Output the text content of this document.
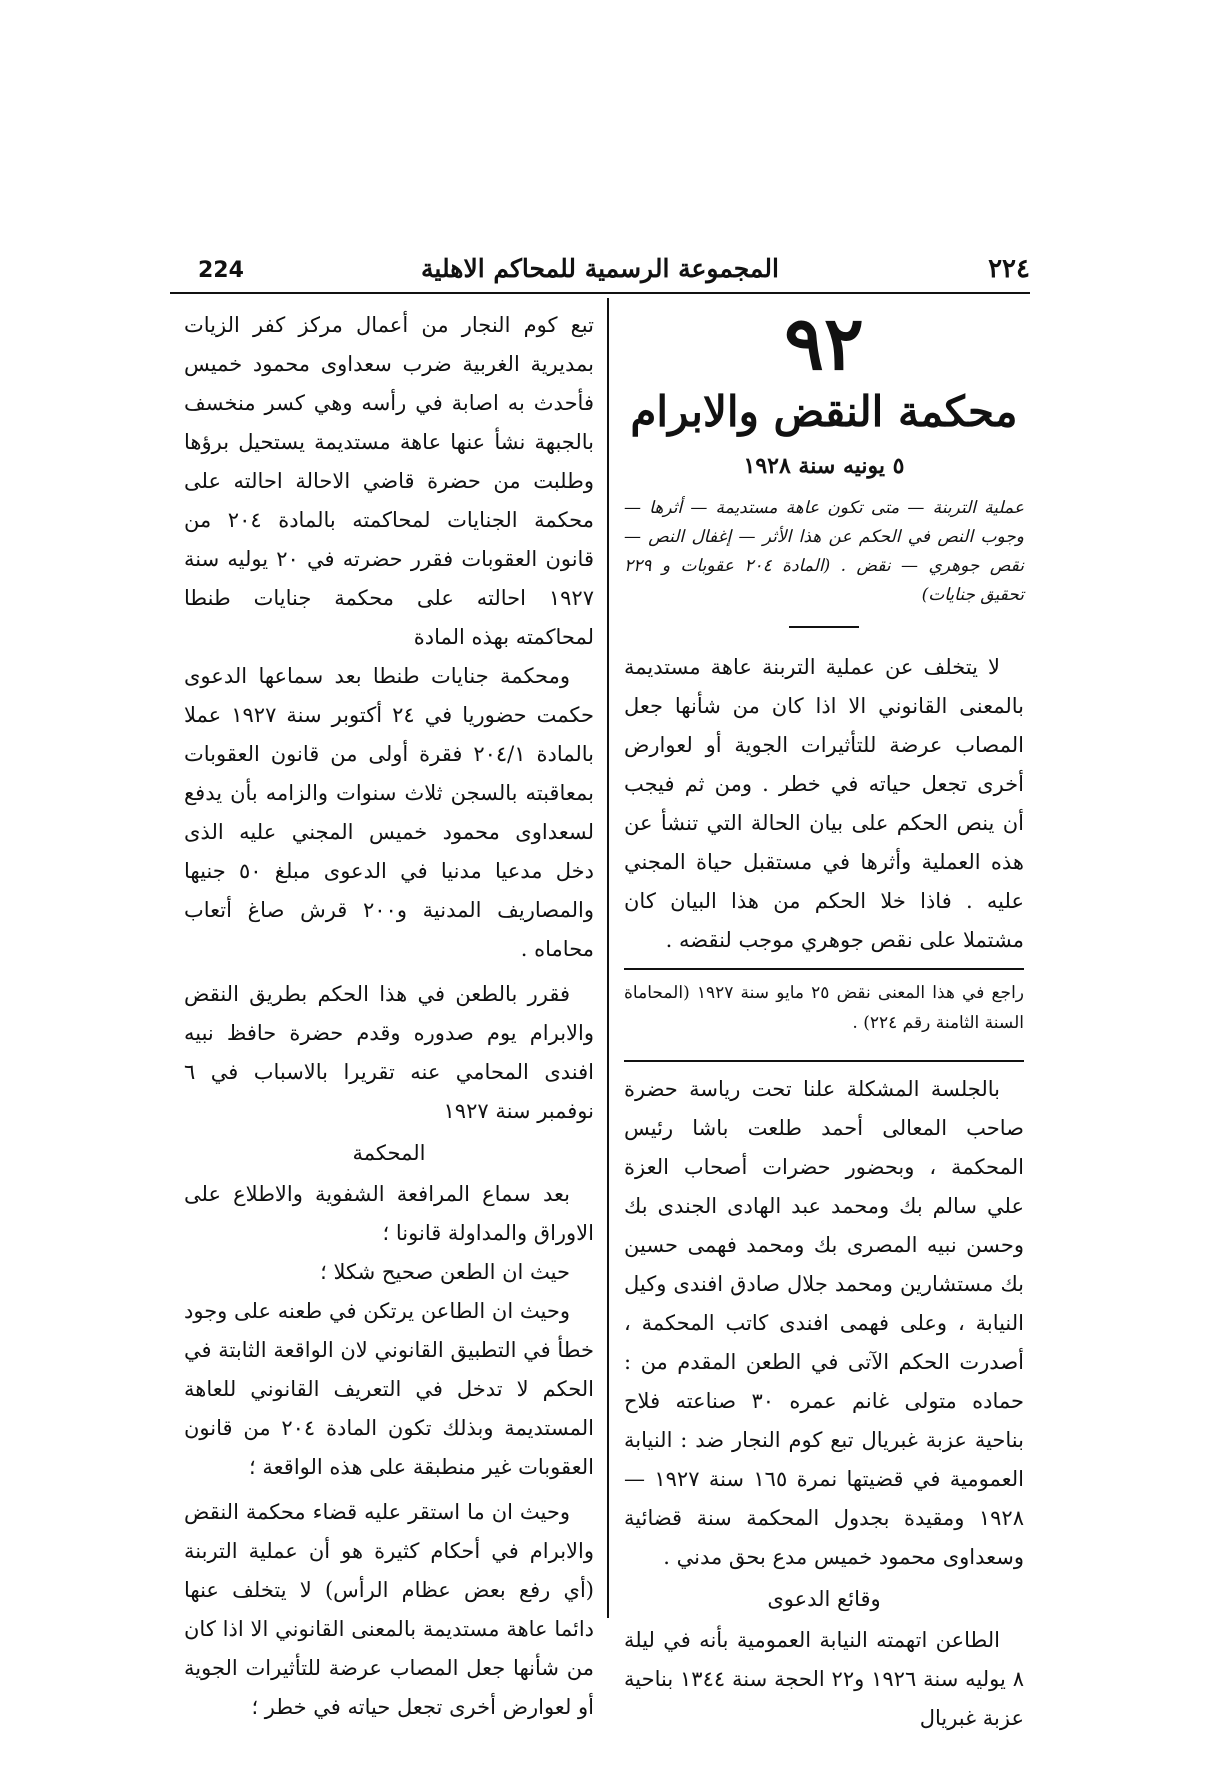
٢٢٤
المجموعة الرسمية للمحاكم الاهلية
224
٩٢
محكمة النقض والابرام
٥ يونيه سنة ١٩٢٨
عملية التربنة — متى تكون عاهة مستديمة — أثرها — وجوب النص في الحكم عن هذا الأثر — إغفال النص — نقص جوهري — نقض . (المادة ٢٠٤ عقوبات و ٢٢٩ تحقيق جنايات)

لا يتخلف عن عملية التربنة عاهة مستديمة بالمعنى القانوني الا اذا كان من شأنها جعل المصاب عرضة للتأثيرات الجوية أو لعوارض أخرى تجعل حياته في خطر . ومن ثم فيجب أن ينص الحكم على بيان الحالة التي تنشأ عن هذه العملية وأثرها في مستقبل حياة المجني عليه . فاذا خلا الحكم من هذا البيان كان مشتملا على نقص جوهري موجب لنقضه .

راجع في هذا المعنى نقض ٢٥ مايو سنة ١٩٢٧ (المحاماة السنة الثامنة رقم ٢٢٤) .

بالجلسة المشكلة علنا تحت رياسة حضرة صاحب المعالى أحمد طلعت باشا رئيس المحكمة ، وبحضور حضرات أصحاب العزة علي سالم بك ومحمد عبد الهادى الجندى بك وحسن نبيه المصرى بك ومحمد فهمى حسين بك مستشارين ومحمد جلال صادق افندى وكيل النيابة ، وعلى فهمى افندى كاتب المحكمة ، أصدرت الحكم الآتى في الطعن المقدم من : حماده متولى غانم عمره ٣٠ صناعته فلاح بناحية عزبة غبريال تبع كوم النجار ضد : النيابة العمومية في قضيتها نمرة ١٦٥ سنة ١٩٢٧ — ١٩٢٨ ومقيدة بجدول المحكمة سنة قضائية وسعداوى محمود خميس مدع بحق مدني .

وقائع الدعوى

الطاعن اتهمته النيابة العمومية بأنه في ليلة ٨ يوليه سنة ١٩٢٦ و٢٢ الحجة سنة ١٣٤٤ بناحية عزبة غبريال

تبع كوم النجار من أعمال مركز كفر الزيات بمديرية الغربية ضرب سعداوى محمود خميس فأحدث به اصابة في رأسه وهي كسر منخسف بالجبهة نشأ عنها عاهة مستديمة يستحيل برؤها وطلبت من حضرة قاضي الاحالة احالته على محكمة الجنايات لمحاكمته بالمادة ٢٠٤ من قانون العقوبات فقرر حضرته في ٢٠ يوليه سنة ١٩٢٧ احالته على محكمة جنايات طنطا لمحاكمته بهذه المادة

ومحكمة جنايات طنطا بعد سماعها الدعوى حكمت حضوريا في ٢٤ أكتوبر سنة ١٩٢٧ عملا بالمادة ٢٠٤/١ فقرة أولى من قانون العقوبات بمعاقبته بالسجن ثلاث سنوات والزامه بأن يدفع لسعداوى محمود خميس المجني عليه الذى دخل مدعيا مدنيا في الدعوى مبلغ ٥٠ جنيها والمصاريف المدنية و٢٠٠ قرش صاغ أتعاب محاماه .

فقرر بالطعن في هذا الحكم بطريق النقض والابرام يوم صدوره وقدم حضرة حافظ نبيه افندى المحامي عنه تقريرا بالاسباب في ٦ نوفمبر سنة ١٩٢٧

المحكمة

بعد سماع المرافعة الشفوية والاطلاع على الاوراق والمداولة قانونا ؛

حيث ان الطعن صحيح شكلا ؛

وحيث ان الطاعن يرتكن في طعنه على وجود خطأ في التطبيق القانوني لان الواقعة الثابتة في الحكم لا تدخل في التعريف القانوني للعاهة المستديمة وبذلك تكون المادة ٢٠٤ من قانون العقوبات غير منطبقة على هذه الواقعة ؛

وحيث ان ما استقر عليه قضاء محكمة النقض والابرام في أحكام كثيرة هو أن عملية التربنة (أي رفع بعض عظام الرأس) لا يتخلف عنها دائما عاهة مستديمة بالمعنى القانوني الا اذا كان من شأنها جعل المصاب عرضة للتأثيرات الجوية أو لعوارض أخرى تجعل حياته في خطر ؛
